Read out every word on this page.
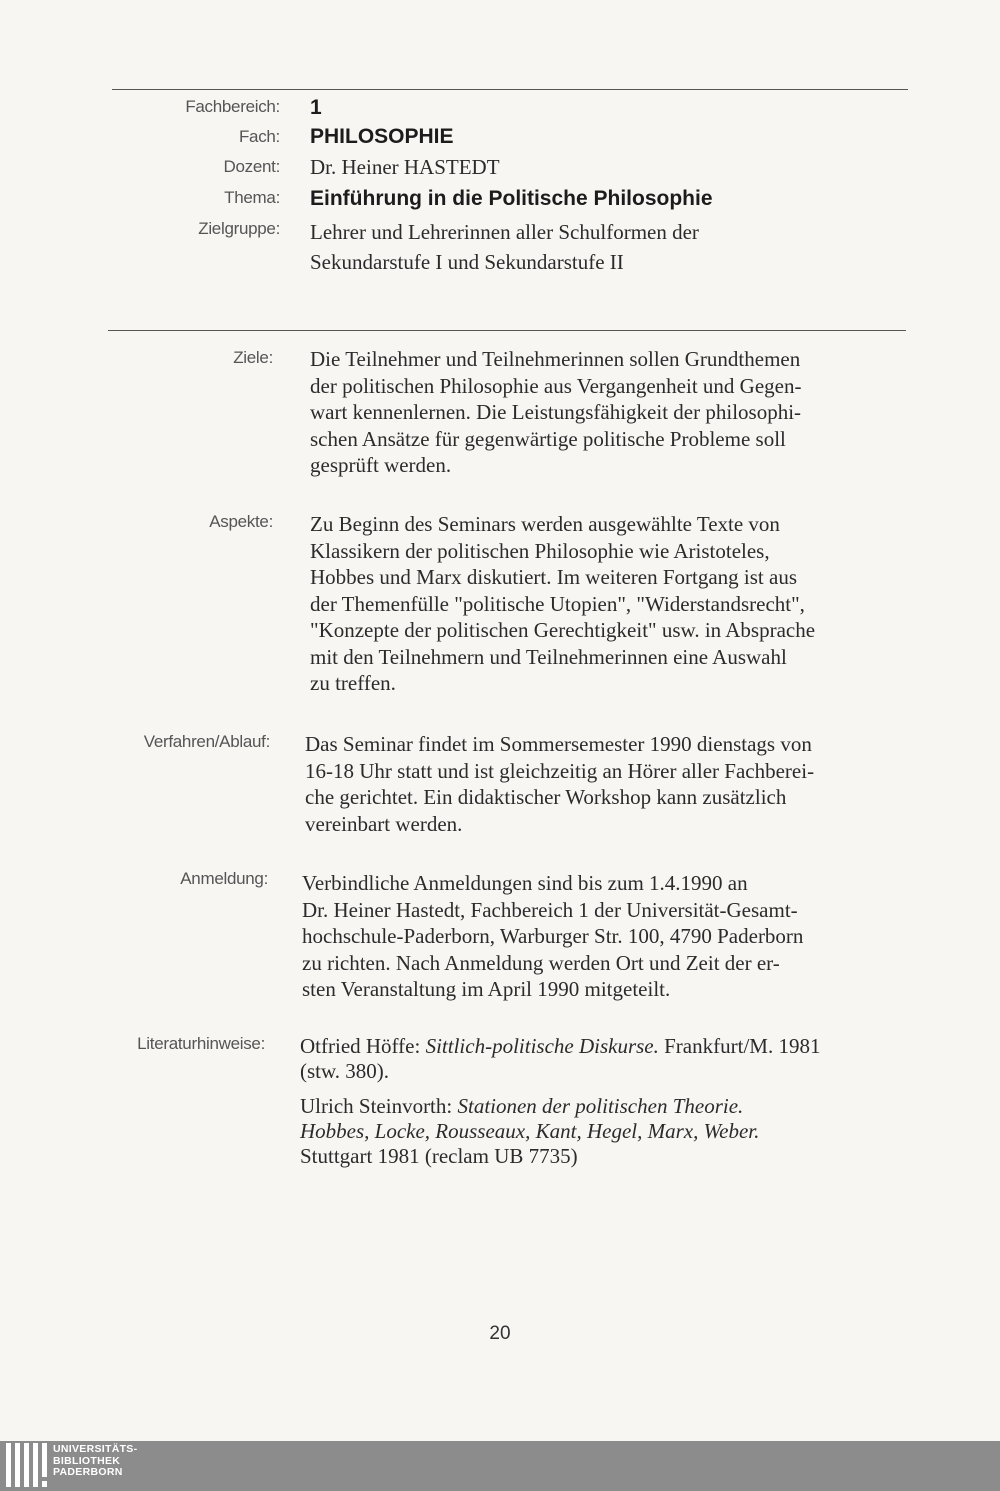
Fachbereich: 1
Fach: PHILOSOPHIE
Dozent: Dr. Heiner HASTEDT
Thema: Einführung in die Politische Philosophie
Zielgruppe: Lehrer und Lehrerinnen aller Schulformen der

Sekundarstufe I und Sekundarstufe II

Ziele: Die Teilnehmer und Teilnehmerinnen sollen Grundthemen

der politischen Philosophie aus Vergangenheit und Gegen-

wart kennenlernen. Die Leistungsfähigkeit der philosophi-

schen Ansätze für gegenwärtige politische Probleme soll

gesprüft werden.

Aspekte: Zu Beginn des Seminars werden ausgewählte Texte von

Klassikern der politischen Philosophie wie Aristoteles,

Hobbes und Marx diskutiert. Im weiteren Fortgang ist aus

der Themenfülle "politische Utopien", "Widerstandsrecht",

"Konzepte der politischen Gerechtigkeit" usw. in Absprache

mit den Teilnehmern und Teilnehmerinnen eine Auswahl

zu treffen.

Verfahren/Ablauf: Das Seminar findet im Sommersemester 1990 dienstags von

16-18 Uhr statt und ist gleichzeitig an Hörer aller Fachberei-

che gerichtet. Ein didaktischer Workshop kann zusätzlich

vereinbart werden.

Anmeldung: Verbindliche Anmeldungen sind bis zum 1.4.1990 an

Dr. Heiner Hastedt, Fachbereich 1 der Universität-Gesamt-

hochschule-Paderborn, Warburger Str. 100, 4790 Paderborn

zu richten. Nach Anmeldung werden Ort und Zeit der er-

sten Veranstaltung im April 1990 mitgeteilt.

Literaturhinweise: Otfried Höffe: Sittlich-politische Diskurse. Frankfurt/M. 1981
(stw. 380).
Ulrich Steinvorth: Stationen der politischen Theorie.
Hobbes, Locke, Rousseaux, Kant, Hegel, Marx, Weber.
Stuttgart 1981 (reclam UB 7735)
20
UNIVERSITÄTS-
BIBLIOTHEK
PADERBORN
